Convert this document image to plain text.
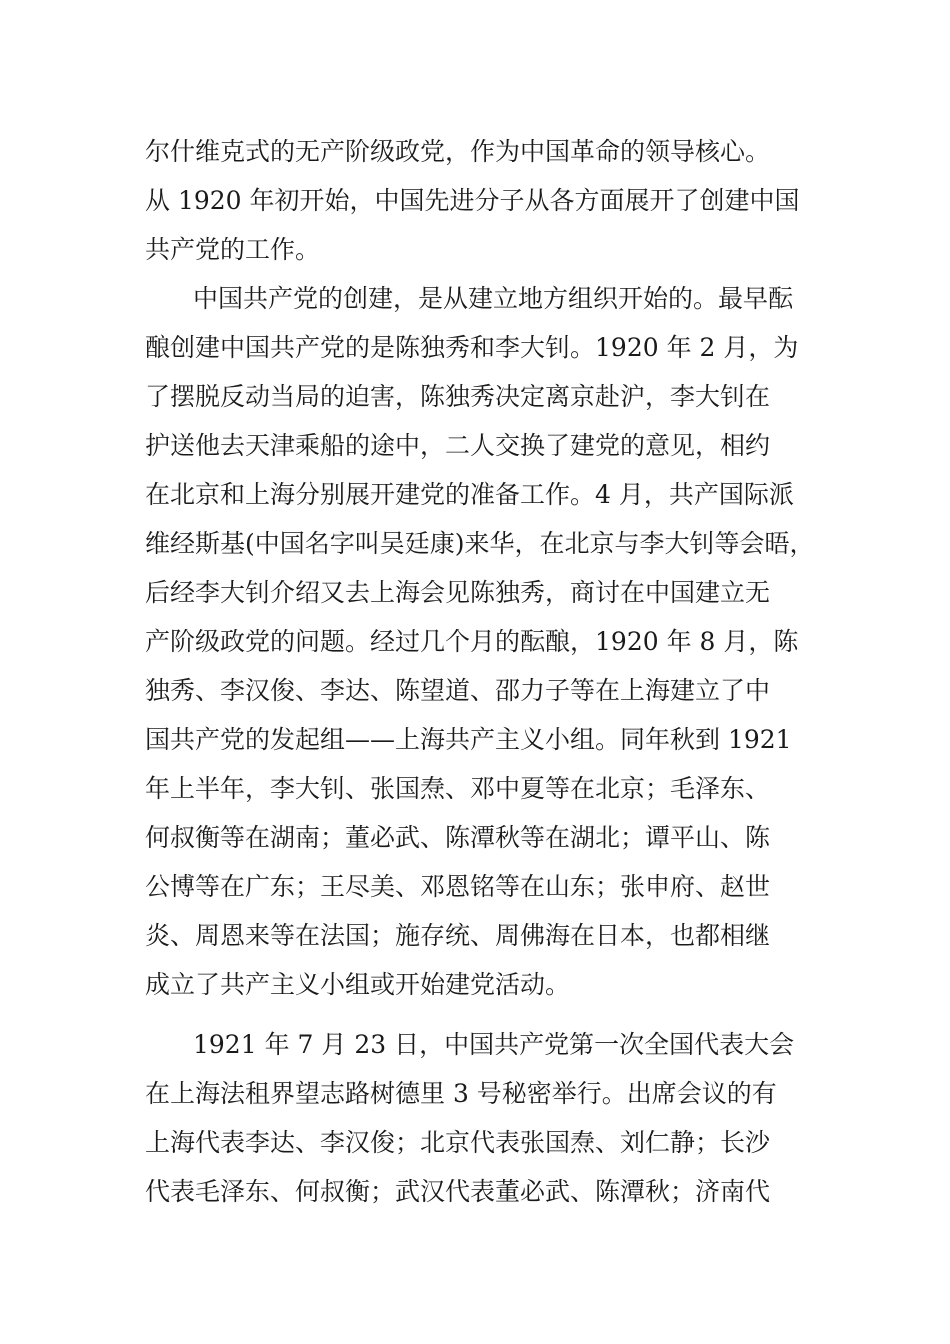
尔什维克式的无产阶级政党，作为中国革命的领导核心。
从 1920 年初开始，中国先进分子从各方面展开了创建中国
共产党的工作。
中国共产党的创建，是从建立地方组织开始的。最早酝
酿创建中国共产党的是陈独秀和李大钊。1920 年 2 月，为
了摆脱反动当局的迫害，陈独秀决定离京赴沪，李大钊在
护送他去天津乘船的途中，二人交换了建党的意见，相约
在北京和上海分别展开建党的准备工作。4 月，共产国际派
维经斯基(中国名字叫吴廷康)来华，在北京与李大钊等会晤，
后经李大钊介绍又去上海会见陈独秀，商讨在中国建立无
产阶级政党的问题。经过几个月的酝酿，1920 年 8 月，陈
独秀、李汉俊、李达、陈望道、邵力子等在上海建立了中
国共产党的发起组——上海共产主义小组。同年秋到 1921
年上半年，李大钊、张国焘、邓中夏等在北京；毛泽东、
何叔衡等在湖南；董必武、陈潭秋等在湖北；谭平山、陈
公博等在广东；王尽美、邓恩铭等在山东；张申府、赵世
炎、周恩来等在法国；施存统、周佛海在日本，也都相继
成立了共产主义小组或开始建党活动。
1921 年 7 月 23 日，中国共产党第一次全国代表大会
在上海法租界望志路树德里 3 号秘密举行。出席会议的有
上海代表李达、李汉俊；北京代表张国焘、刘仁静；长沙
代表毛泽东、何叔衡；武汉代表董必武、陈潭秋；济南代
